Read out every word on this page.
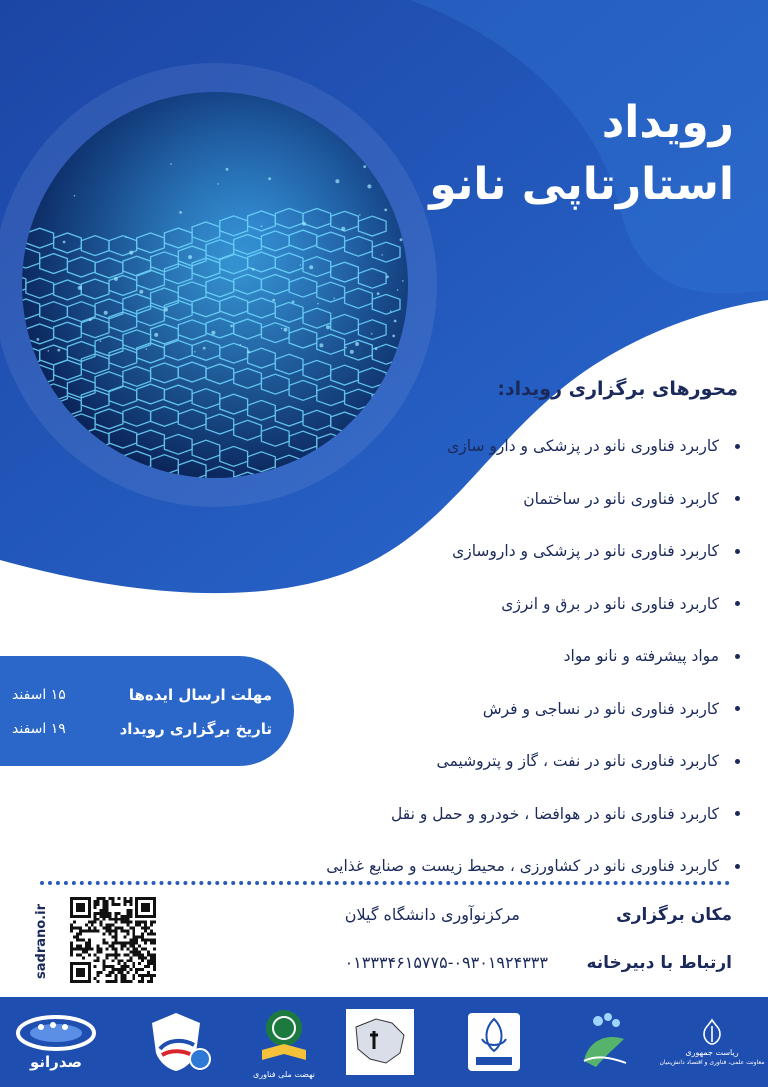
رویداد
استارتاپی نانو
محورهای برگزاری رویداد:
کاربرد فناوری نانو در پزشکی و دارو سازی
کاربرد فناوری نانو در ساختمان
کاربرد فناوری نانو در پزشکی و داروسازی
کاربرد فناوری نانو در برق و انرژی
مواد پیشرفته و نانو مواد
کاربرد فناوری نانو در نساجی و فرش
کاربرد فناوری نانو در نفت ، گاز و پتروشیمی
کاربرد فناوری نانو در هوافضا ، خودرو و حمل و نقل
کاربرد فناوری نانو در کشاورزی ، محیط زیست و صنایع غذایی
مهلت ارسال ایده‌ها
۱۵ اسفند
تاریخ برگزاری رویداد
۱۹ اسفند
مکان برگزاری
مرکزنوآوری دانشگاه گیلان
ارتباط با دبیرخانه
۰۱۳۳۳۴۶۱۵۷۷۵-۰۹۳۰۱۹۲۴۳۳۳
sadrano.ir
ریاست جمهوری
معاونت علمی، فناوری و اقتصاد دانش‌بنیان
نهضت ملی فناوری
صدرانو
